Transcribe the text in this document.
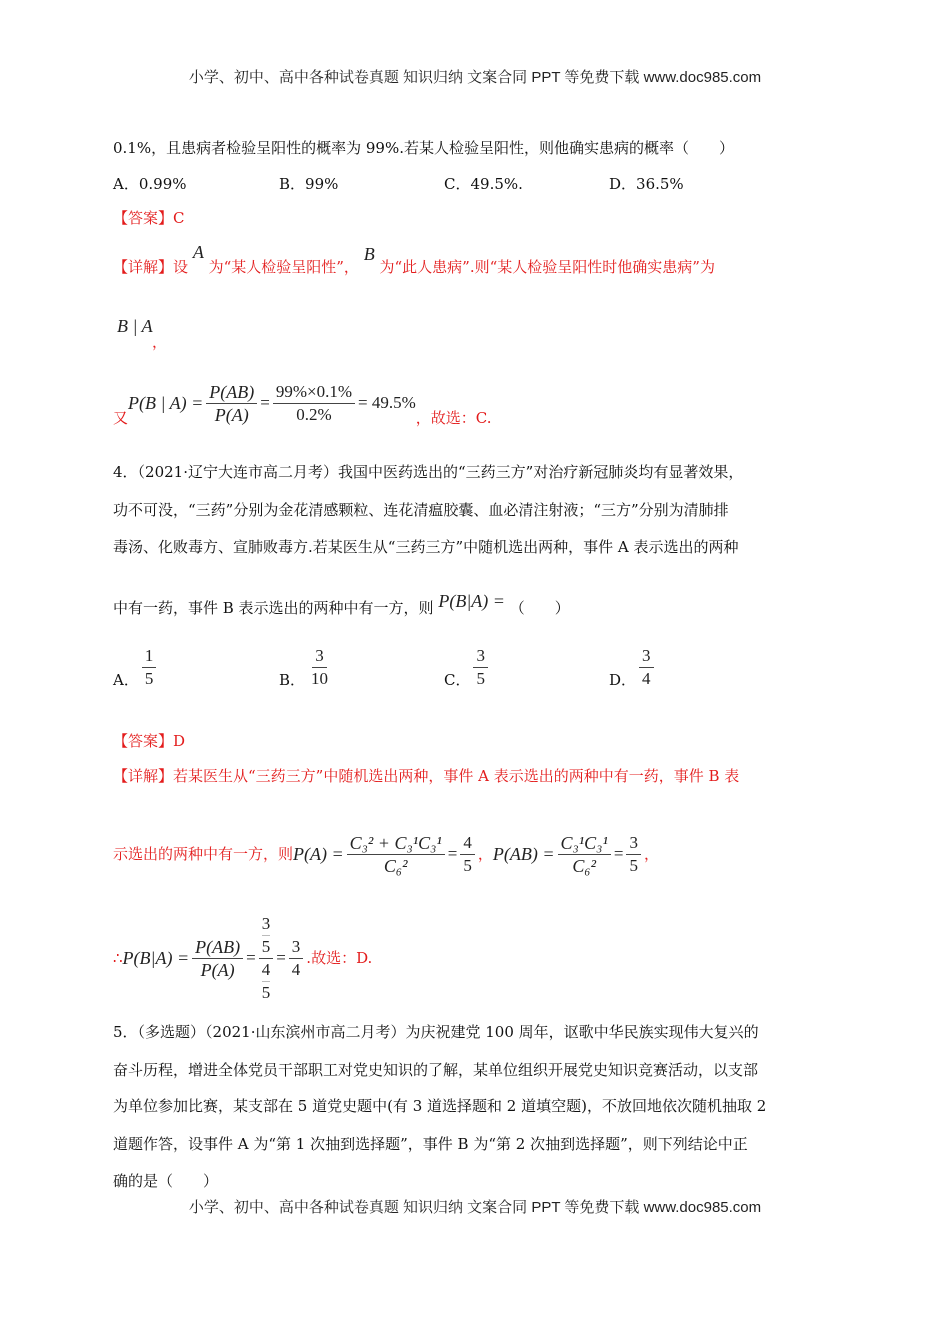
小学、初中、高中各种试卷真题 知识归纳 文案合同 PPT 等免费下载 www.doc985.com
0.1%，且患病者检验呈阳性的概率为 99%.若某人检验呈阳性，则他确实患病的概率（　　）
A．0.99%	B．99%	C．49.5%.	D．36.5%
【答案】C
【详解】设 A 为“某人检验呈阳性”， B 为“此人患病”.则“某人检验呈阳性时他确实患病”为
B | A
，
又
P(B | $A) = \frac{P(AB)}{P(A)} = \frac{99\%\times 0.1\%}{0.2\%} = 49.5\%$
，故选：C.
4．（2021·辽宁大连市高二月考）我国中医药选出的“三药三方”对治疗新冠肺炎均有显著效果，
功不可没，“三药”分别为金花清感颗粒、连花清瘟胶囊、血必清注射液；“三方”分别为清肺排
毒汤、化败毒方、宣肺败毒方.若某医生从“三药三方”中随机选出两种，事件 A 表示选出的两种
中有一药，事件 B 表示选出的两种中有一方，则 P(B|A) = （　　）
A． $\frac{1}{5}$	B． $\frac{3}{10}$	C． $\frac{3}{5}$	D． $\frac{3}{4}$
【答案】D
【详解】若某医生从“三药三方”中随机选出两种，事件 A 表示选出的两种中有一药，事件 B 表
示选出的两种中有一方，则 $P(A) = \frac{\text{C₃² + C₃¹C₃¹}}{\text{C₆²}} = \frac{4}{5}$ ， $P(AB) = \frac{\text{C₃¹C₃¹}}{\text{C₆²}} = \frac{3}{5}$ ，
∴ $P(B|A) = \frac{P(AB)}{P(A)} = \frac{\frac{3}{5}}{\frac{4}{5}} = \frac{3}{4}$ .故选：D.
5．（多选题）（2021·山东滨州市高二月考）为庆祝建党 100 周年，讴歌中华民族实现伟大复兴的
奋斗历程，增进全体党员干部职工对党史知识的了解，某单位组织开展党史知识竞赛活动，以支部
为单位参加比赛，某支部在 5 道党史题中(有 3 道选择题和 2 道填空题)，不放回地依次随机抽取 2
道题作答，设事件 A 为“第 1 次抽到选择题”，事件 B 为“第 2 次抽到选择题”，则下列结论中正
确的是（　　）
小学、初中、高中各种试卷真题 知识归纳 文案合同 PPT 等免费下载 www.doc985.com
